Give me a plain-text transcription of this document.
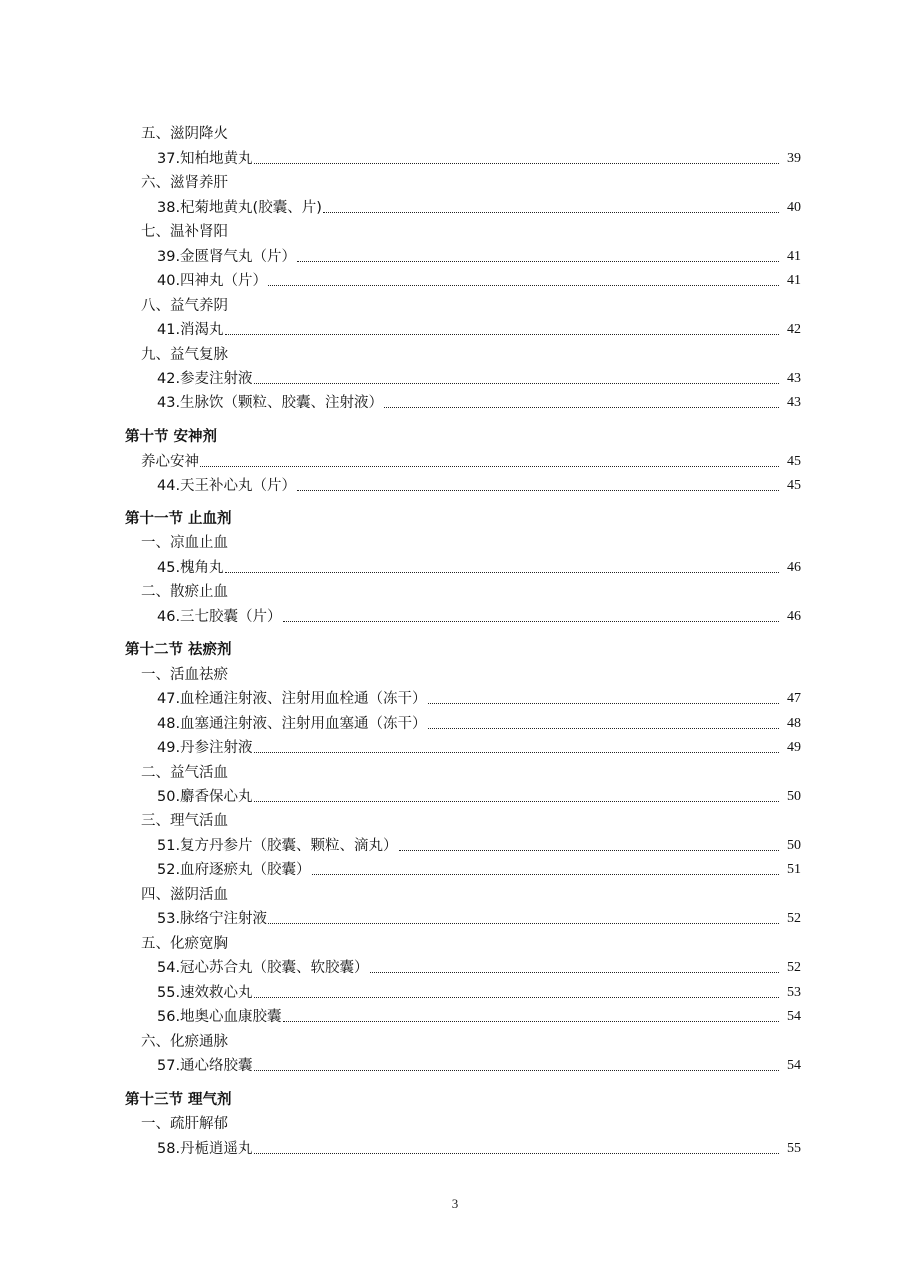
五、滋阴降火
37.知柏地黄丸	39
六、滋肾养肝
38.杞菊地黄丸(胶囊、片)	40
七、温补肾阳
39.金匮肾气丸（片）	41
40.四神丸（片）	41
八、益气养阴
41.消渴丸	42
九、益气复脉
42.参麦注射液	43
43.生脉饮（颗粒、胶囊、注射液）	43
第十节 安神剂
养心安神	45
44.天王补心丸（片）	45
第十一节 止血剂
一、凉血止血
45.槐角丸	46
二、散瘀止血
46.三七胶囊（片）	46
第十二节 祛瘀剂
一、活血祛瘀
47.血栓通注射液、注射用血栓通（冻干）	47
48.血塞通注射液、注射用血塞通（冻干）	48
49.丹参注射液	49
二、益气活血
50.麝香保心丸	50
三、理气活血
51.复方丹参片（胶囊、颗粒、滴丸）	50
52.血府逐瘀丸（胶囊）	51
四、滋阴活血
53.脉络宁注射液	52
五、化瘀宽胸
54.冠心苏合丸（胶囊、软胶囊）	52
55.速效救心丸	53
56.地奥心血康胶囊	54
六、化瘀通脉
57.通心络胶囊	54
第十三节 理气剂
一、疏肝解郁
58.丹栀逍遥丸	55
3
